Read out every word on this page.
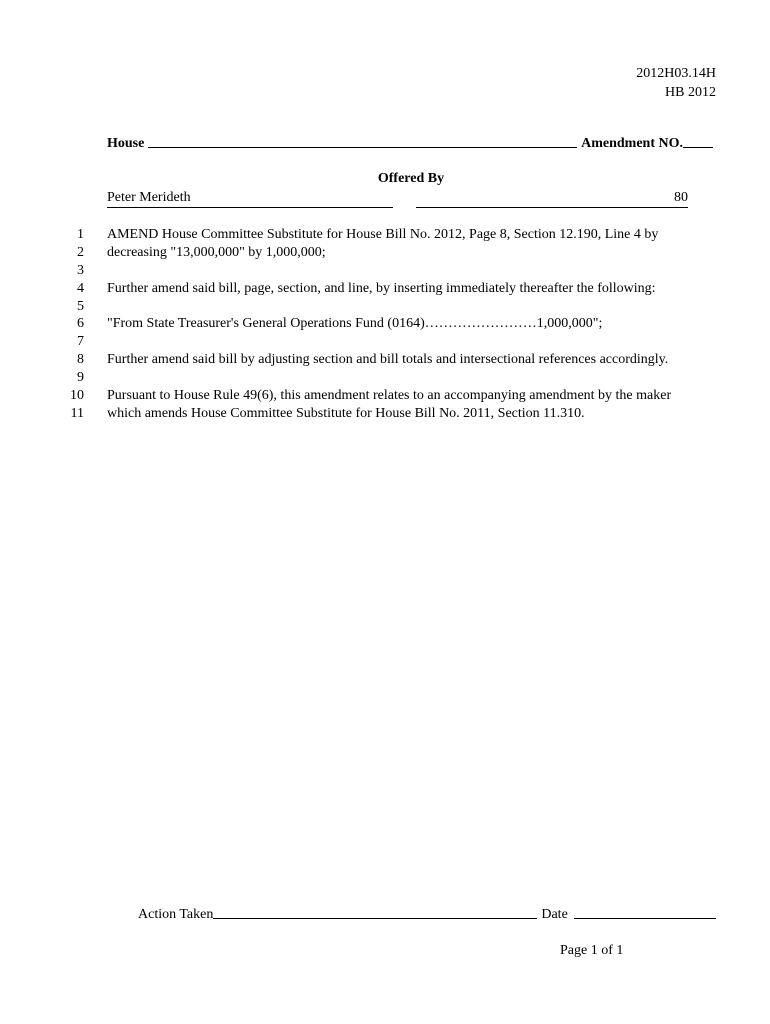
2012H03.14H
HB 2012
House	Amendment NO.
Offered By
Peter Merideth	80
1
2
3
4
5
6
7
8
9
10
11
AMEND House Committee Substitute for House Bill No. 2012, Page 8, Section 12.190, Line 4 by
decreasing "13,000,000" by 1,000,000;
Further amend said bill, page, section, and line, by inserting immediately thereafter the following:
"From State Treasurer's General Operations Fund (0164)……………………1,000,000";
Further amend said bill by adjusting section and bill totals and intersectional references accordingly.
Pursuant to House Rule 49(6), this amendment relates to an accompanying amendment by the maker
which amends House Committee Substitute for House Bill No. 2011, Section 11.310.
Action Taken	Date
Page 1 of 1
